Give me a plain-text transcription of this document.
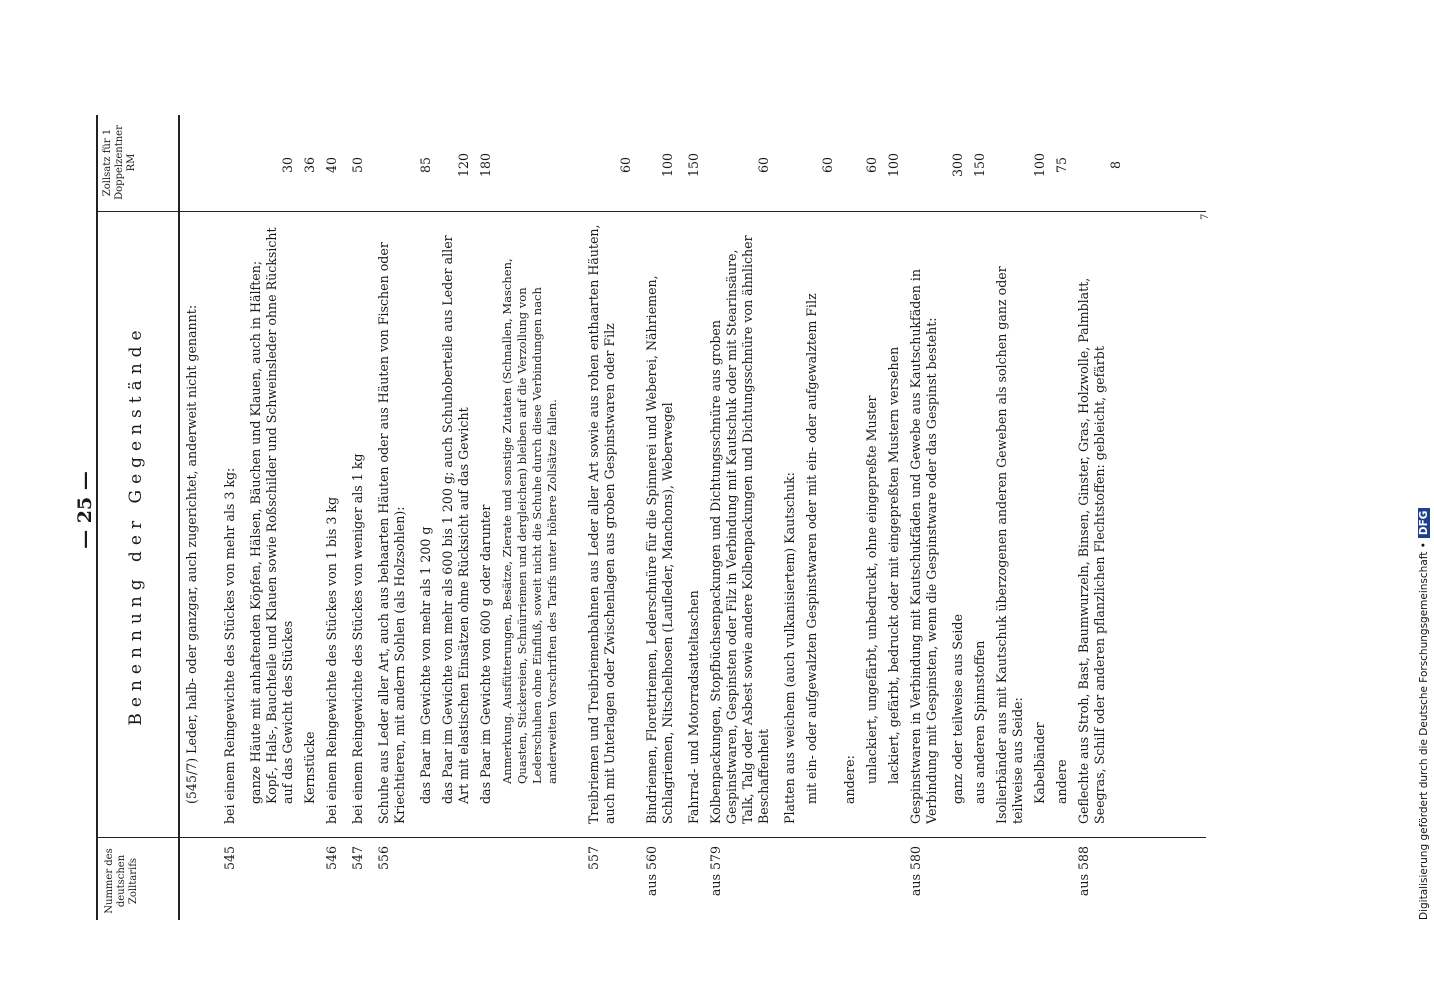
— 25 —
Nummer des deutschen Zolltarifs
Benennung der Gegenstände
Zollsatz für 1 Doppelzentner RM
(545/7) Leder, halb- oder ganzgar, auch zugerichtet, anderweit nicht genannt:
545
bei einem Reingewichte des Stückes von mehr als 3 kg: ganze Häute mit anhaftenden Köpfen, Hälsen, Bäuchen und Klauen, auch in Hälften; Kopf-, Hals-, Bauchteile und Klauen sowie Roßschilder und Schweinsleder ohne Rücksicht auf das Gewicht des Stückes
30
Kernstücke
36
546
bei einem Reingewichte des Stückes von 1 bis 3 kg
40
547
bei einem Reingewichte des Stückes von weniger als 1 kg
50
556
Schuhe aus Leder aller Art, auch aus behaarten Häuten oder aus Häuten von Fischen oder Kriechtieren, mit andern Sohlen (als Holzsohlen): das Paar im Gewichte von mehr als 1 200 g
85
das Paar im Gewichte von mehr als 600 bis 1 200 g; auch Schuhoberteile aus Leder aller Art mit elastischen Einsätzen ohne Rücksicht auf das Gewicht
120
das Paar im Gewichte von 600 g oder darunter
180
Anmerkung. Ausfütterungen, Besätze, Zierate und sonstige Zutaten (Schnallen, Maschen, Quasten, Stickereien, Schnürriemen und dergleichen) bleiben auf die Verzollung von Lederschuhen ohne Einfluß, soweit nicht die Schuhe durch diese Verbindungen nach anderweiten Vorschriften des Tarifs unter höhere Zollsätze fallen.
557
Treibriemen und Treibriemenbahnen aus Leder aller Art sowie aus rohen enthaarten Häuten, auch mit Unterlagen oder Zwischenlagen aus groben Gespinstwaren oder Filz
60
aus 560
Bindriemen, Florettriemen, Lederschnüre für die Spinnerei und Weberei, Nähriemen, Schlagriemen, Nitschelhosen (Laufleder, Manchons), Weberwegel
100
Fahrrad- und Motorradsatteltaschen
150
aus 579
Kolbenpackungen, Stopfbüchsenpackungen und Dichtungsschnüre aus groben Gespinstwaren, Gespinsten oder Filz in Verbindung mit Kautschuk oder mit Stearinsäure, Talk, Talg oder Asbest sowie andere Kolbenpackungen und Dichtungsschnüre von ähnlicher Beschaffenheit
60
Platten aus weichem (auch vulkanisiertem) Kautschuk: mit ein- oder aufgewalzten Gespinstwaren oder mit ein- oder aufgewalztem Filz
60
andere: unlackiert, ungefärbt, unbedruckt, ohne eingepreßte Muster
60
lackiert, gefärbt, bedruckt oder mit eingepreßten Mustern versehen
100
aus 580
Gespinstwaren in Verbindung mit Kautschukfäden und Gewebe aus Kautschukfäden in Verbindung mit Gespinsten, wenn die Gespinstware oder das Gespinst besteht: ganz oder teilweise aus Seide
300
aus anderen Spinnstoffen
150
Isolierbänder aus mit Kautschuk überzogenen anderen Geweben als solchen ganz oder teilweise aus Seide: Kabelbänder
100
andere
75
aus 588
Geflechte aus Stroh, Bast, Baumwurzeln, Binsen, Ginster, Gras, Holzwolle, Palmblatt, Seegras, Schilf oder anderen pflanzlichen Flechtstoffen: gebleicht, gefärbt
8
7
Digitalisierung gefördert durch die Deutsche Forschungsgemeinschaft •DFG
